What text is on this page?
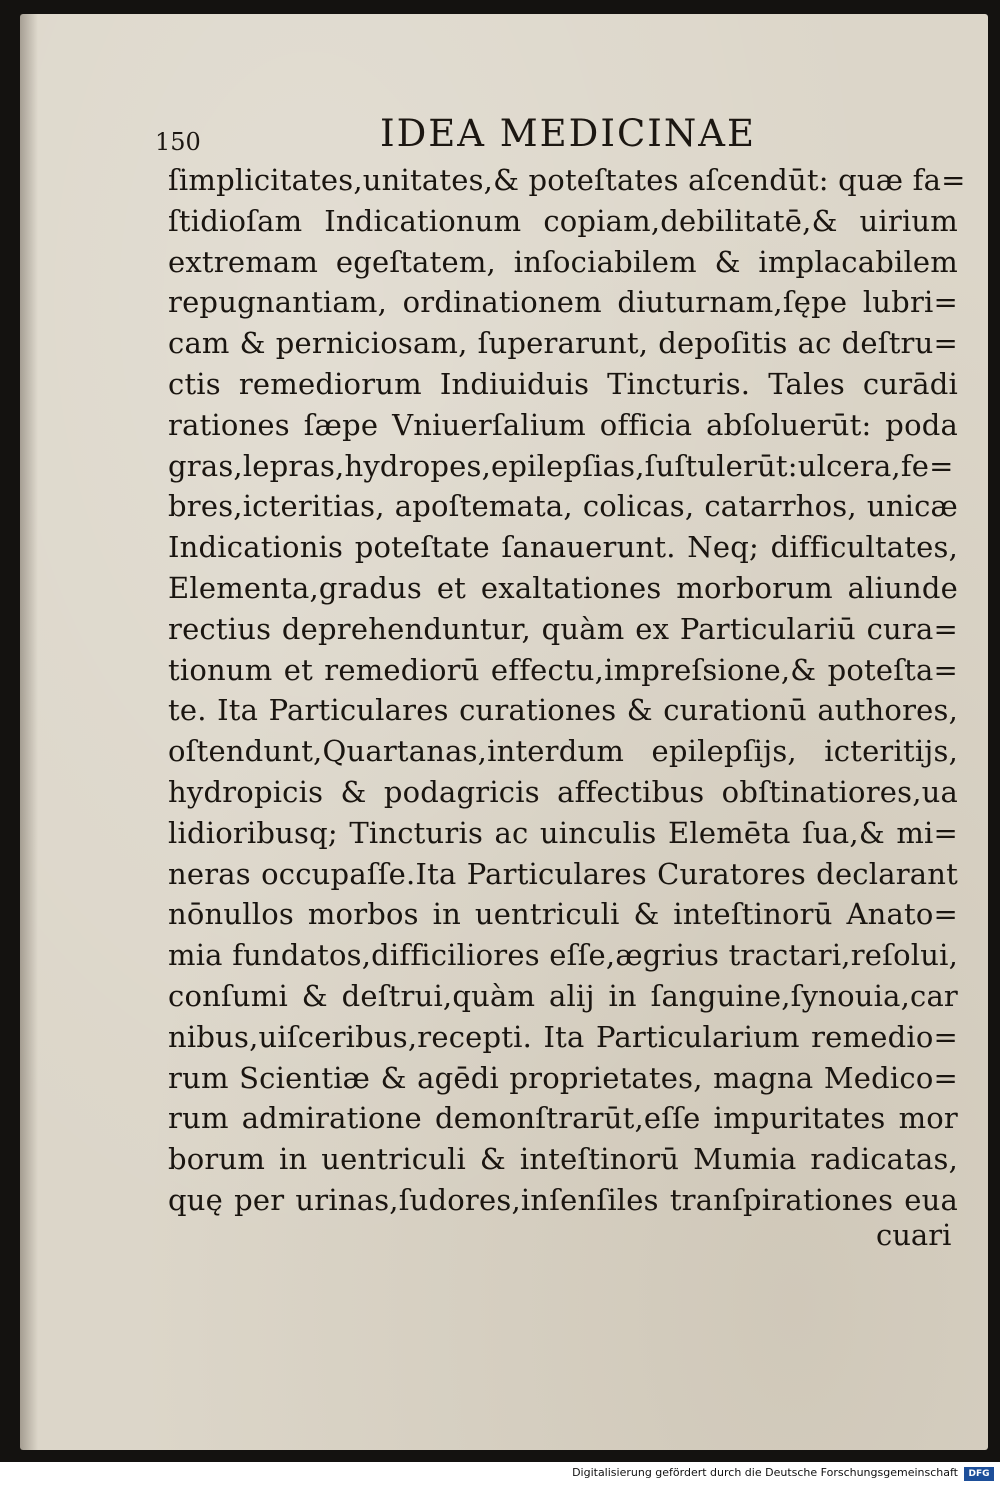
150	IDEA MEDICINAE
ſimplicitates,unitates,& poteſtates aſcendūt: quæ fa=
ſtidioſam Indicationum copiam,debilitatē,& uirium
extremam egeſtatem, inſociabilem & implacabilem
repugnantiam, ordinationem diuturnam,ſępe lubri=
cam & perniciosam, ſuperarunt, depoſitis ac deſtru=
ctis remediorum Indiuiduis Tincturis. Tales curādi
rationes ſæpe Vniuerſalium officia abſoluerūt: poda
gras,lepras,hydropes,epilepſias,ſuſtulerūt:ulcera,fe=
bres,icteritias, apoſtemata, colicas, catarrhos, unicæ
Indicationis poteſtate ſanauerunt. Neq; difficultates,
Elementa,gradus et exaltationes morborum aliunde
rectius deprehenduntur, quàm ex Particulariū cura=
tionum et remediorū effectu,impreſsione,& poteſta=
te. Ita Particulares curationes & curationū authores,
oſtendunt,Quartanas,interdum epilepſijs, icteritijs,
hydropicis & podagricis affectibus obſtinatiores,ua
lidioribusq; Tincturis ac uinculis Elemēta ſua,& mi=
neras occupaſſe.Ita Particulares Curatores declarant
nōnullos morbos in uentriculi & inteſtinorū Anato=
mia fundatos,difficiliores eſſe,ægrius tractari,reſolui,
conſumi & deſtrui,quàm alij in ſanguine,ſynouia,car
nibus,uiſceribus,recepti. Ita Particularium remedio=
rum Scientiæ & agēdi proprietates, magna Medico=
rum admiratione demonſtrarūt,eſſe impuritates mor
borum in uentriculi & inteſtinorū Mumia radicatas,
quę per urinas,ſudores,inſenſiles tranſpirationes eua
cuari
Digitalisierung gefördert durch die Deutsche Forschungsgemeinschaft	DFG
